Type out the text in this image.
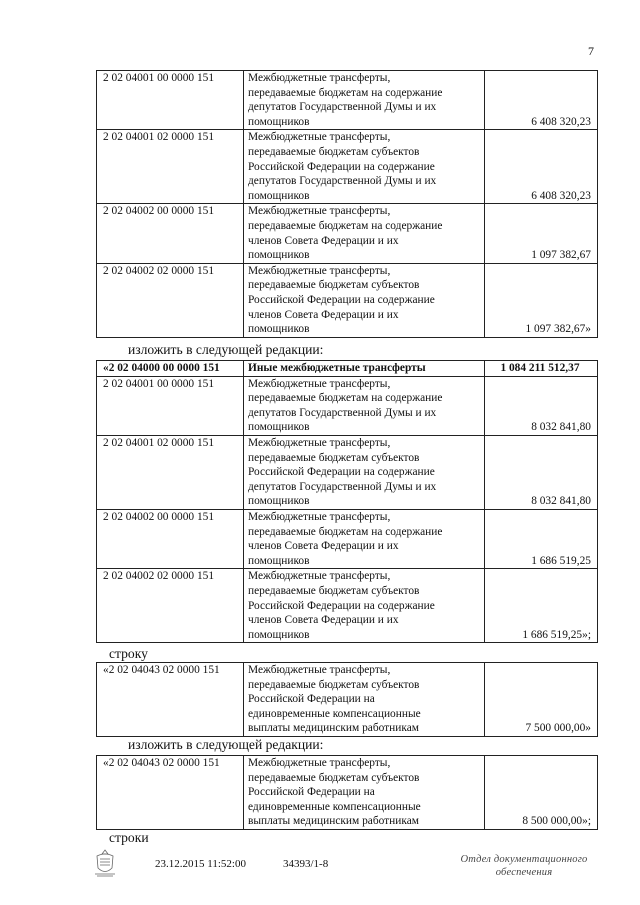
7
2 02 04001 00 0000 151	Межбюджетные трансферты,
передаваемые бюджетам на содержание
депутатов Государственной Думы и их
помощников	6 408 320,23
2 02 04001 02 0000 151	Межбюджетные трансферты,
передаваемые бюджетам субъектов
Российской Федерации на содержание
депутатов Государственной Думы и их
помощников	6 408 320,23
2 02 04002 00 0000 151	Межбюджетные трансферты,
передаваемые бюджетам на содержание
членов Совета Федерации и их
помощников	1 097 382,67
2 02 04002 02 0000 151	Межбюджетные трансферты,
передаваемые бюджетам субъектов
Российской Федерации на содержание
членов Совета Федерации и их
помощников	1 097 382,67»
изложить в следующей редакции:
«2 02 04000 00 0000 151	Иные межбюджетные трансферты	1 084 211 512,37
2 02 04001 00 0000 151	Межбюджетные трансферты,
передаваемые бюджетам на содержание
депутатов Государственной Думы и их
помощников	8 032 841,80
2 02 04001 02 0000 151	Межбюджетные трансферты,
передаваемые бюджетам субъектов
Российской Федерации на содержание
депутатов Государственной Думы и их
помощников	8 032 841,80
2 02 04002 00 0000 151	Межбюджетные трансферты,
передаваемые бюджетам на содержание
членов Совета Федерации и их
помощников	1 686 519,25
2 02 04002 02 0000 151	Межбюджетные трансферты,
передаваемые бюджетам субъектов
Российской Федерации на содержание
членов Совета Федерации и их
помощников	1 686 519,25»;
строку
«2 02 04043 02 0000 151	Межбюджетные трансферты,
передаваемые бюджетам субъектов
Российской Федерации на
единовременные компенсационные
выплаты медицинским работникам	7 500 000,00»
изложить в следующей редакции:
«2 02 04043 02 0000 151	Межбюджетные трансферты,
передаваемые бюджетам субъектов
Российской Федерации на
единовременные компенсационные
выплаты медицинским работникам	8 500 000,00»;
строки
23.12.2015 11:52:00	34393/1-8	Отдел документационного
обеспечения
